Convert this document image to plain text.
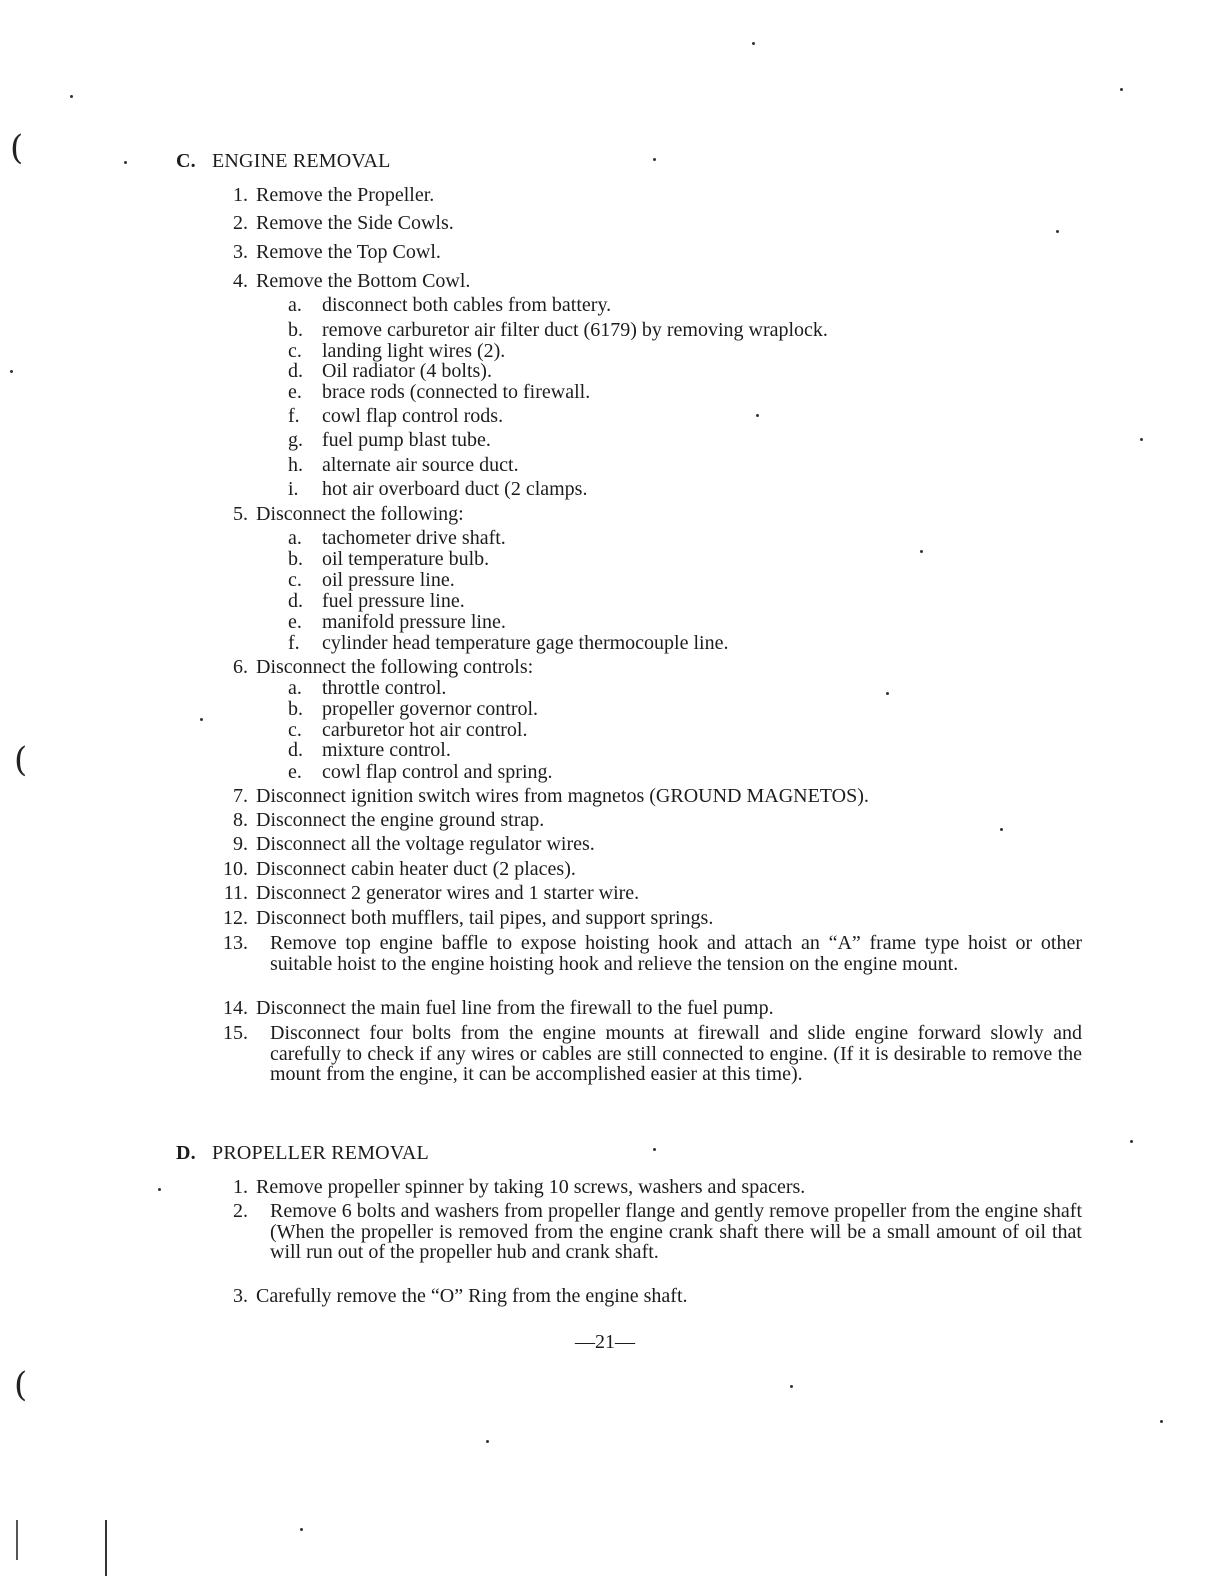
C. ENGINE REMOVAL
1. Remove the Propeller.
2. Remove the Side Cowls.
3. Remove the Top Cowl.
4. Remove the Bottom Cowl.
a. disconnect both cables from battery.
b. remove carburetor air filter duct (6179) by removing wraplock.
c. landing light wires (2).
d. Oil radiator (4 bolts).
e. brace rods (connected to firewall.
f. cowl flap control rods.
g. fuel pump blast tube.
h. alternate air source duct.
i. hot air overboard duct (2 clamps.
5. Disconnect the following:
a. tachometer drive shaft.
b. oil temperature bulb.
c. oil pressure line.
d. fuel pressure line.
e. manifold pressure line.
f. cylinder head temperature gage thermocouple line.
6. Disconnect the following controls:
a. throttle control.
b. propeller governor control.
c. carburetor hot air control.
d. mixture control.
e. cowl flap control and spring.
7. Disconnect ignition switch wires from magnetos (GROUND MAGNETOS).
8. Disconnect the engine ground strap.
9. Disconnect all the voltage regulator wires.
10. Disconnect cabin heater duct (2 places).
11. Disconnect 2 generator wires and 1 starter wire.
12. Disconnect both mufflers, tail pipes, and support springs.
13.	Remove top engine baffle to expose hoisting hook and attach an “A” frame type hoist or other suitable hoist to the engine hoisting hook and relieve the tension on the engine mount.
14. Disconnect the main fuel line from the firewall to the fuel pump.
15.	Disconnect four bolts from the engine mounts at firewall and slide engine forward slowly and carefully to check if any wires or cables are still connected to engine. (If it is desirable to remove the mount from the engine, it can be accomplished easier at this time).
D. PROPELLER REMOVAL
1. Remove propeller spinner by taking 10 screws, washers and spacers.
2.	Remove 6 bolts and washers from propeller flange and gently remove propeller from the engine shaft (When the propeller is removed from the engine crank shaft there will be a small amount of oil that will run out of the propeller hub and crank shaft.
3. Carefully remove the “O” Ring from the engine shaft.
—21—
(
(
(
